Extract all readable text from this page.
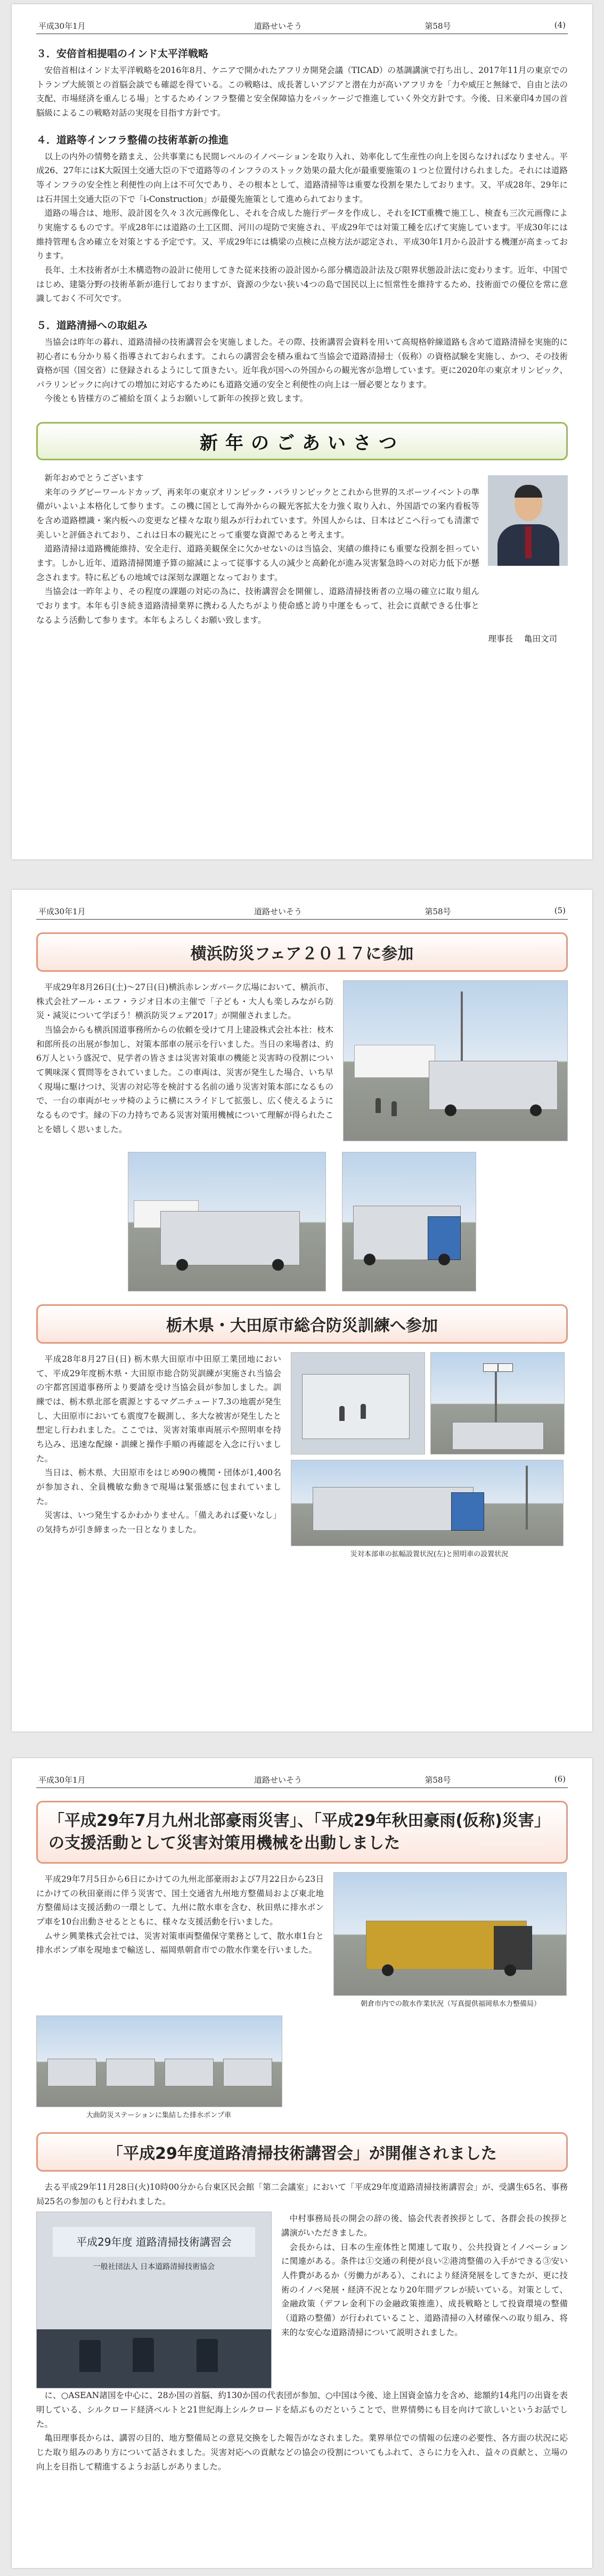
平成30年1月	道路せいそう	第58号	(4)
３．安倍首相提唱のインド太平洋戦略

安倍首相はインド太平洋戦略を2016年8月、ケニアで開かれたアフリカ開発会議（TICAD）の基調講演で打ち出し、2017年11月の東京でのトランプ大統領との首脳会談でも確認を得ている。この戦略は、成長著しいアジアと潜在力が高いアフリカを「力や威圧と無縁で、自由と法の支配、市場経済を重んじる場」とするためインフラ整備と安全保障協力をパッケージで推進していく外交方針です。今後、日米豪印4カ国の首脳級によるこの戦略対話の実現を目指す方針です。

４．道路等インフラ整備の技術革新の推進

以上の内外の情勢を踏まえ、公共事業にも民間レベルのイノベーションを取り入れ、効率化して生産性の向上を図らなければなりません。平成26、27年にはK大阪国土交通大臣の下で道路等のインフラのストック効果の最大化が最重要施策の１つと位置付けられました。それには道路等インフラの安全性と利便性の向上は不可欠であり、その根本として、道路清掃等は重要な役割を果たしております。又、平成28年、29年には石井国土交通大臣の下で「i-Construction」が最優先施策として進められております。

道路の場合は、地形、設計図を久々３次元画像化し、それを合成した施行データを作成し、それをICT重機で施工し、検査も三次元画像により実施するものです。平成28年には道路の土工区間、河川の堤防で実施され、平成29年では対策工種を広げて実施しています。平成30年には維持管理も含め確立を対策とする予定です。又、平成29年には橋梁の点検に点検方法が認定され、平成30年1月から設計する機運が高まっております。

長年、土木技術者が土木構造物の設計に使用してきた従来技術の設計図から部分構造設計法及び限界状態設計法に変わります。近年、中国ではじめ、建築分野の技術革新が進行しておりますが、資源の少ない狭い4つの島で国民以上に恒常性を維持するため、技術面での優位を常に意識しておく不可欠です。

５．道路清掃への取組み

当協会は昨年の暮れ、道路清掃の技術講習会を実施しました。その際、技術講習会資料を用いて高規格幹線道路も含めて道路清掃を実施的に初心者にも分かり易く指導されておられます。これらの講習会を積み重ねて当協会で道路清掃士（仮称）の資格試験を実施し、かつ、その技術資格が国（国交省）に登録されるようにして頂きたい。近年我が国への外国からの観光客が急増しています。更に2020年の東京オリンピック、パラリンピックに向けての増加に対応するためにも道路交通の安全と利便性の向上は一層必要となります。

今後とも皆様方のご補給を頂くようお願いして新年の挨拶と致します。

新年のごあいさつ

新年おめでとうございます

来年のラグビーワールドカップ、再来年の東京オリンピック・パラリンピックとこれから世界的スポーツイベントの準備がいよいよ本格化して参ります。この機に国として海外からの観光客拡大を力強く取り入れ、外国語での案内看板等を含め道路標識・案内板への変更など様々な取り組みが行われています。外国人からは、日本はどこへ行っても清潔で美しいと評価されており、これは日本の観光にとって重要な資源であると考えます。

道路清掃は道路機能維持、安全走行、道路美観保全に欠かせないのは当協会、実績の維持にも重要な役割を担っています。しかし近年、道路清掃関連予算の縮減によって従事する人の減少と高齢化が進み災害緊急時への対応力低下が懸念されます。特に私どもの地域では深刻な課題となっております。

当協会は一昨年より、その程度の課題の対応の為に、技術講習会を開催し、道路清掃技術者の立場の確立に取り組んでおります。本年も引き続き道路清掃業界に携わる人たちがより使命感と誇り中運をもって、社会に貢献できる仕事となるよう活動して参ります。本年もよろしくお願い致します。

理事長 亀田文司
平成30年1月	道路せいそう	第58号	(5)
横浜防災フェア２０１７に参加

平成29年8月26日(土)～27日(日)横浜赤レンガパーク広場において、横浜市、株式会社アール・エフ・ラジオ日本の主催で「子ども・大人も楽しみながら防災・減災について学ぼう！横浜防災フェア2017」が開催されました。

当協会からも横浜国道事務所からの依頼を受けて月上建設株式会社本社：枝木和郎所長の出展が参加し、対策本部車の展示を行いました。当日の来場者は、約6万人という盛況で、見学者の皆さまは災害対策車の機能と災害時の役割について興味深く質問等をされていました。この車両は、災害が発生した場合、いち早く現場に駆けつけ、災害の対応等を検討する名前の通り災害対策本部になるもので、一台の車両がセッサ椅のように横にスライドして拡張し、広く使えるようになるものです。縁の下の力持ちである災害対策用機械について理解が得られたことを嬉しく思いました。

栃木県・大田原市総合防災訓練へ参加

平成28年8月27日(日) 栃木県大田原市中田原工業団地において、平成29年度栃木県・大田原市総合防災訓練が実施され当協会の宇都宮国道事務所より要請を受け当協会員が参加しました。訓練では、栃木県北部を震源とするマグニチュード7.3の地震が発生し、大田原市においても震度7を観測し、多大な被害が発生したと想定し行われました。ここでは、災害対策車両展示や照明車を持ち込み、迅速な配線・訓練と操作手順の再確認を入念に行いました。

当日は、栃木県、大田原市をはじめ90の機関・団体が1,400名が参加され、全員機敏な動きで現場は緊張感に包まれていました。

災害は、いつ発生するかわかりません。「備えあれば憂いなし」の気持ちが引き締まった一日となりました。

災対本部車の拡幅設置状況(左)と照明車の設置状況
平成30年1月	道路せいそう	第58号	(6)
「平成29年7月九州北部豪雨災害」、「平成29年秋田豪雨(仮称)災害」の支援活動として災害対策用機械を出動しました

平成29年7月5日から6日にかけての九州北部豪雨および7月22日から23日にかけての秋田豪雨に伴う災害で、国土交通省九州地方整備局および東北地方整備局は支援活動の一環として、九州に散水車を含む、秋田県に排水ポンプ車を10台出動させるとともに、様々な支援活動を行いました。

ムサシ興業株式会社では、災害対策車両整備保守業務として、散水車1台と排水ポンプ車を現地まで輸送し、福岡県朝倉市での散水作業を行いました。

朝倉市内での散水作業状況（写真提供福岡県水力整備局）
大曲防災ステーションに集結した排水ポンプ車
「平成29年度道路清掃技術講習会」が開催されました

去る平成29年11月28日(火)10時00分から台東区民会館「第二会議室」において「平成29年度道路清掃技術講習会」が、受講生65名、事務局25名の参加のもと行われました。

平成29年度 道路清掃技術講習会
一般社団法人 日本道路清掃技術協会

中村事務局長の開会の辞の後、協会代表者挨拶として、各群会長の挨拶と講演がいただきました。

会長からは、日本の生産体性と関連して取り、公共投資とイノベーションに関連がある。条件は①交通の利便が良い②港湾整備の入手ができる③安い人件費があるか（労働力がある）、これにより経済発展をしてきたが、更に技術のイノベ発展・経済不況となり20年間デフレが続いている。対策として、金融政策（デフレ金利下の金融政策推進）、成長戦略として投資環境の整備（道路の整備）が行われていること、道路清掃の入材確保への取り組み、将来的な安心な道路清掃について説明されました。

に、○ASEAN諸国を中心に、28か国の首脳、約130か国の代表団が参加、○中国は今後、途上国資金協力を含め、総額約14兆円の出資を表明している、シルクロード経済ベルトと21世紀海上シルクロードを結ぶものだということで、世界情勢にも目を向けて欲しいというお話でした。

亀田理事長からは、講習の目的、地方整備局との意見交換をした報告がなされました。業界単位での情報の伝達の必要性、各方面の状況に応じた取り組みのあり方について話されました。災害対応への貢献などの協会の役割についてもふれて、さらに力を入れ、益々の貢献と、立場の向上を目指して精進するようお話しがありました。
